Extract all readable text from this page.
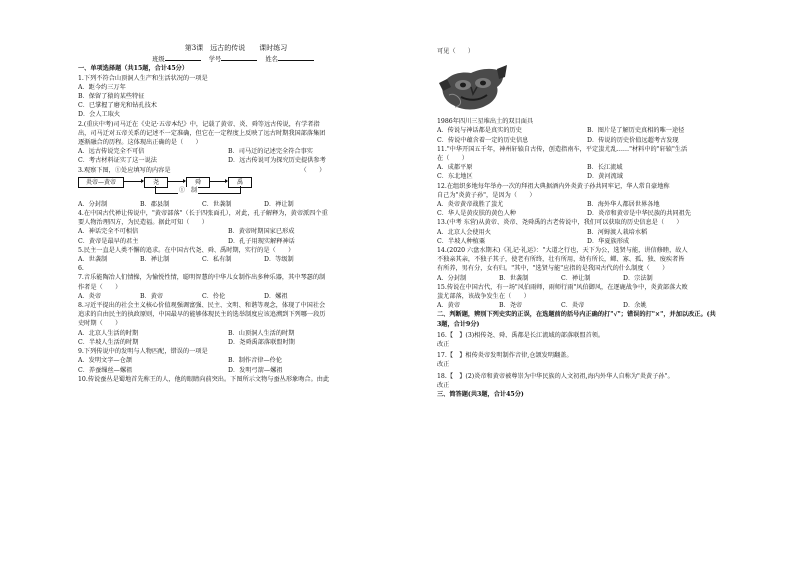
第3课　远古的传说　　课时练习
班级	学号	姓名
一、单项选择题（共15题，合计45分）
1.下列不符合山顶洞人生产和生活状况的一项是
A．距今约三万年
B．保留了猿的某些特征
C．已掌握了磨光和钻孔技术
D．会人工取火
2.(重庆中考)司马迁在《史记·五帝本纪》中，记载了黄帝、炎、舜等远古传说，有学者指
出，司马迁对五帝关系的记述不一定准确，但它在一定程度上反映了远古时期我国部落集团
逐渐融合的历程。这体现出正确的是（　　）
A．远古传说完全不可信	B．司马迁的记述完全符合事实
C．考古材料证实了这一说法	D．远古传说可为探究历史提供参考
3.观察下图，①处应填写的内容是	（　　）
炎帝—黄帝	尧	舜	禹
①　制
A．分封制	B．郡县制	C．世袭制	D．禅让制
4.在中国古代禅让传说中，"黄帝部落"（长于四张面孔），对此，孔子解释为，黄帝派四个重
要人物治理四方，为民造福。据此可知（　　）
A．神话完全不可相信	B．黄帝时期国家已形成
C．黄帝是最早的君主	D．孔子用现实解释神话
5.民主一直是人类不懈的追求。在中国古代尧、舜、禹时期，实行的是（　　）
A．世袭制	B．禅让制	C．私有制	D．等级制
6.
7.音乐能陶冶人们情操，为愉悦性情，聪明智慧的中华儿女制作出多种乐器，其中琴瑟的制
作者是（　　）
A．炎帝	B．黄帝	C．伶伦	D．嫘祖
8.习近平提出的社会主义核心价值观强调富强、民主、文明、和谐等观念，体现了中国社会
追求的自由民主的执政原则，中国最早的能够体现民主的选举制度应该追溯到下列哪一段历
史时期（　　）
A．北京人生活的时期	B．山顶洞人生活的时期
C．半坡人生活的时期	D．尧舜禹部落联盟时期
9.下列传说中的发明与人物匹配，错误的一项是
A．发明文字—仓颉	B．制作音律—伶伦
C．养蚕缫丝—嫘祖	D．发明弓箭—嫘祖
10.传说蚕丛是蜀地首先称王的人，他的眼睛向前突出。下图所示文物与蚕丛形象吻合。由此
可见（　　）
1986年四川三星堆出土的双目面具
A．传说与神话都是真实的历史	B．图片是了解历史真相的唯一途径
C．传说中蕴含着一定的历史信息	D．传说的历史价值远超考古发现
11."中华开国五千年，神州轩辕自古传，创造指南车，平定蚩尤乱……"材料中的"轩辕"生活
在（　　）
A．成都平原	B．长江流域
C．东北地区	D．黄河流域
12.在组织多地每年举办一次的拜祖大典据酒内外炎黄子孙共同牢记，华人常自豪地称
自己为"炎黄子孙"，是因为（　　）
A．炎帝黄帝战胜了蚩尤	B．海外华人都居世界各地
C．华人是黄皮肤的黄色人种	D．炎帝和黄帝是中华民族的共同祖先
13.(中考 东营)从黄帝、炎帝、尧舜禹的古老传说中，我们可以获取的历史信息是（　　）
A．北京人会使用火	B．河姆渡人栽培水稻
C．半坡人种植粟	D．华夏族形成
14.(2020 六盘水期末)《礼记·礼运》："大道之行也，天下为公，选贤与能，讲信修睦，故人
不独亲其亲，不独子其子，使老有所终，壮有所用，幼有所长，鳏、寡、孤、独、废疾者皆
有所养，男有分，女有归。"其中，"选贤与能"应指的是我国古代的什么制度（　　）
A．分封制	B．世袭制	C．禅让制	D．宗法制
15.传说在中国古代，有一场"风伯雨师，雨师行雨"风伯御风，在逐鹿战争中，炎黄部落大败
蚩尤部落，该战争发生在（　　）
A．黄帝	B．尧帝	C．炎帝	D．余姚
二、判断题，辨别下列史实的正误，在选题前的括号内正确的打"√"；错误的打"×"，并加以改正。(共
3题，合计9分)
16.【　】(3)相传尧、舜、禹都是长江流域的部落联盟首领。
改正
17.【　】相传炎帝发明制作音律,仓颉发明翻盖。
改正
18.【　】(2)炎帝和黄帝被尊崇为中华民族的人文初祖,海内外华人自称为"炎黄子孙"。
改正
三、简答题(共3题，合计45分)
